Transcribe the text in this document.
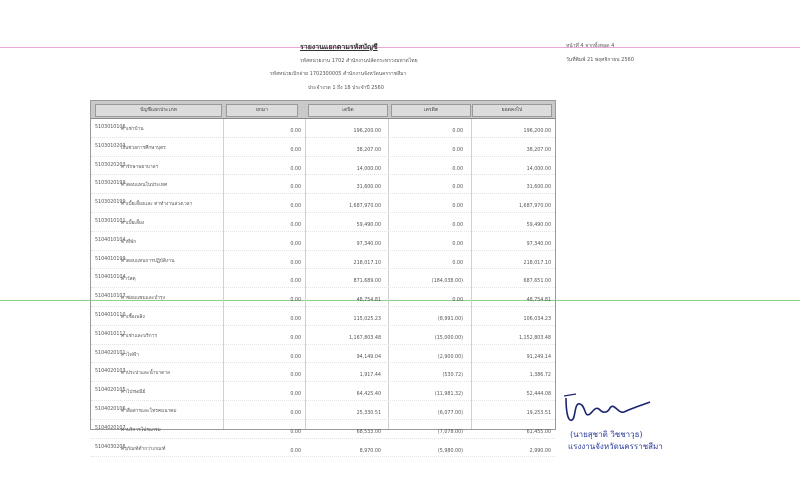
รายงานแยกตามรหัสบัญชี
รหัสหน่วยงาน 1702 สำนักงานปลัดกระทรวงมหาดไทย
รหัสหน่วยเบิกจ่าย 1702300005 สำนักงานจังหวัดนครราชสีมา
ประจำงวด 1 ถึง 18 ประจำปี 2560
หน้าที่ 4 จากทั้งหมด 4
วันที่พิมพ์ 21 พฤศจิกายน 2560
บัญชีแยกประเภท	ยกมา	เดบิต	เครดิต	ยอดคงไป
5103010106
ค่าเช่าบ้าน	0.00	196,200.00	0.00	196,200.00
5103010203
เงินช่วยการศึกษาบุตร	0.00	38,207.00	0.00	38,207.00
5103020203
ค่ารักษาพยาบาลฯ	0.00	14,000.00	0.00	14,000.00
5103020199
ค่าตอบแทนในประเทศ	0.00	31,600.00	0.00	31,600.00
5103020199
ค่าเบี้ยเลี้ยงและ ค่าทำงานล่วงเวลา	0.00	1,687,970.00	0.00	1,687,970.00
5103010101
ค่าเบี้ยเลี้ยง	0.00	59,490.00	0.00	59,490.00
5104010104
ค่าที่พัก	0.00	97,340.00	0.00	97,340.00
5104010199
ค่าตอบแทนการปฏิบัติงาน	0.00	218,017.10	0.00	218,017.10
5104010104
ค่าวัสดุ	0.00	871,689.00	(184,038.00)	687,651.00
5104010107
ค่าซ่อมแซมและบำรุง	0.00	48,754.81	0.00	48,754.81
5104010110
ค่าเชื้อเพลิง	0.00	115,025.23	(8,991.00)	106,034.23
5104010112
ค่าเช่าและบริการ	0.00	1,167,803.48	(15,000.00)	1,152,803.48
5104020101
ค่าไฟฟ้า	0.00	94,149.04	(2,900.00)	91,249.14
5104020103
ค่าประปาและน้ำบาดาล	0.00	1,917.44	(530.72)	1,386.72
5104020105
ค่าไปรษณีย์	0.00	64,425.40	(11,981.32)	52,444.08
5104020106
ค่าสื่อสารและโทรคมนาคม	0.00	25,330.51	(6,077.00)	19,253.51
5104020107
ค่าบริการโปรแกรม	0.00	68,533.00	(7,078.00)	61,455.00
5104030206
ครุภัณฑ์ต่ำกว่าเกณฑ์	0.00	8,970.00	(5,980.00)	2,990.00
(นายสุชาติ วิชชาวุธ)
แรงงานจังหวัดนครราชสีมา
